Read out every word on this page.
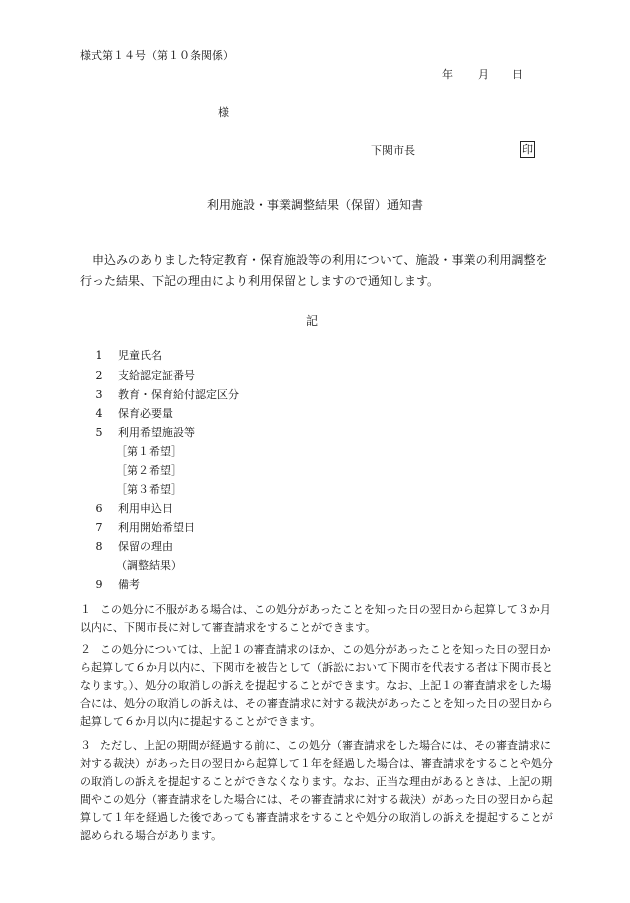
様式第１４号（第１０条関係）
年 月 日
様
下関市長	印
利用施設・事業調整結果（保留）通知書
申込みのありました特定教育・保育施設等の利用について、施設・事業の利用調整を行った結果、下記の理由により利用保留としますので通知します。
記
1 児童氏名
2 支給認定証番号
3 教育・保育給付認定区分
4 保育必要量
5 利用希望施設等
［第１希望］
［第２希望］
［第３希望］
6 利用申込日
7 利用開始希望日
8 保留の理由
（調整結果）
9 備考
１ この処分に不服がある場合は、この処分があったことを知った日の翌日から起算して３か月以内に、下関市長に対して審査請求をすることができます。
２ この処分については、上記１の審査請求のほか、この処分があったことを知った日の翌日から起算して６か月以内に、下関市を被告として（訴訟において下関市を代表する者は下関市長となります。）、処分の取消しの訴えを提起することができます。なお、上記１の審査請求をした場合には、処分の取消しの訴えは、その審査請求に対する裁決があったことを知った日の翌日から起算して６か月以内に提起することができます。
３ ただし、上記の期間が経過する前に、この処分（審査請求をした場合には、その審査請求に対する裁決）があった日の翌日から起算して１年を経過した場合は、審査請求をすることや処分の取消しの訴えを提起することができなくなります。なお、正当な理由があるときは、上記の期間やこの処分（審査請求をした場合には、その審査請求に対する裁決）があった日の翌日から起算して１年を経過した後であっても審査請求をすることや処分の取消しの訴えを提起することが認められる場合があります。
